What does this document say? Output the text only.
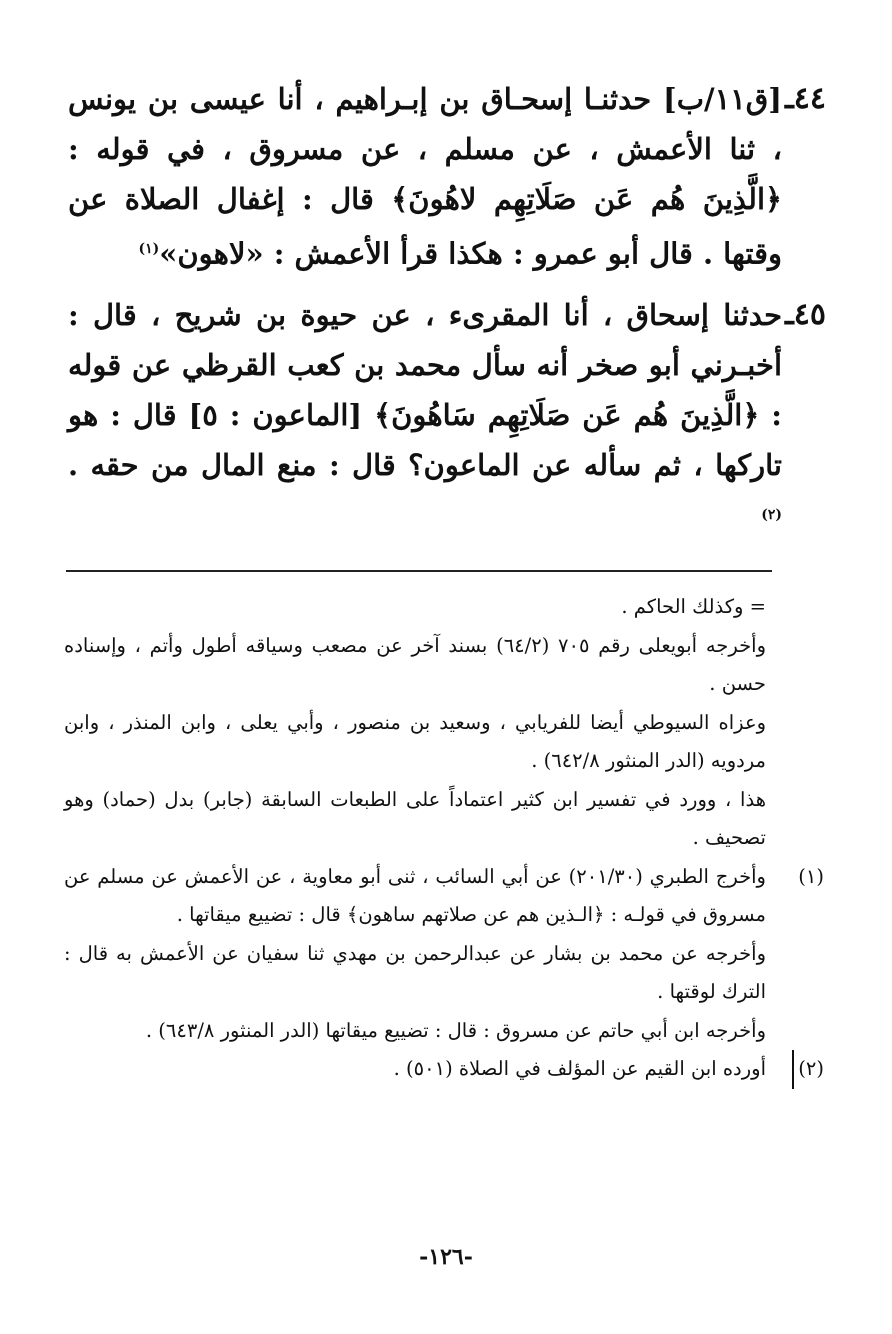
٤٤ـ
[ق١١/ب] حدثنـا إسحـاق بن إبـراهيم ، أنا عيسى بن يونس ، ثنا الأعمش ، عن مسلم ، عن مسروق ، في قوله : ﴿الَّذِينَ هُم عَن صَلَاتِهِم لاهُونَ﴾ قال : إغفال الصلاة عن وقتها . قال أبو عمرو : هكذا قرأ الأعمش : «لاهون»$^{(١)}$
٤٥ـ
حدثنا إسحاق ، أنا المقرىء ، عن حيوة بن شريح ، قال : أخبـرني أبو صخر أنه سأل محمد بن كعب القرظي عن قوله : ﴿الَّذِينَ هُم عَن صَلَاتِهِم سَاهُونَ﴾ [الماعون : ٥] قال : هو تاركها ، ثم سأله عن الماعون؟ قال : منع المال من حقه . $^{(٢)}$

= وكذلك الحاكم .

وأخرجه أبويعلى رقم ٧٠٥ (٦٤/٢) بسند آخر عن مصعب وسياقه أطول وأتم ، وإسناده حسن .

وعزاه السيوطي أيضا للفريابي ، وسعيد بن منصور ، وأبي يعلى ، وابن المنذر ، وابن مردويه (الدر المنثور ٦٤٢/٨) .

هذا ، وورد في تفسير ابن كثير اعتماداً على الطبعات السابقة (جابر) بدل (حماد) وهو تصحيف .

(١)
وأخرج الطبري (٢٠١/٣٠) عن أبي السائب ، ثنى أبو معاوية ، عن الأعمش عن مسلم عن مسروق في قولـه : ﴿الـذين هم عن صلاتهم ساهون﴾ قال : تضييع ميقاتها .

وأخرجه عن محمد بن بشار عن عبدالرحمن بن مهدي ثنا سفيان عن الأعمش به قال : الترك لوقتها .

وأخرجه ابن أبي حاتم عن مسروق : قال : تضييع ميقاتها (الدر المنثور ٦٤٣/٨) .

(٢)
أورده ابن القيم عن المؤلف في الصلاة (٥٠١) .

-١٢٦-
